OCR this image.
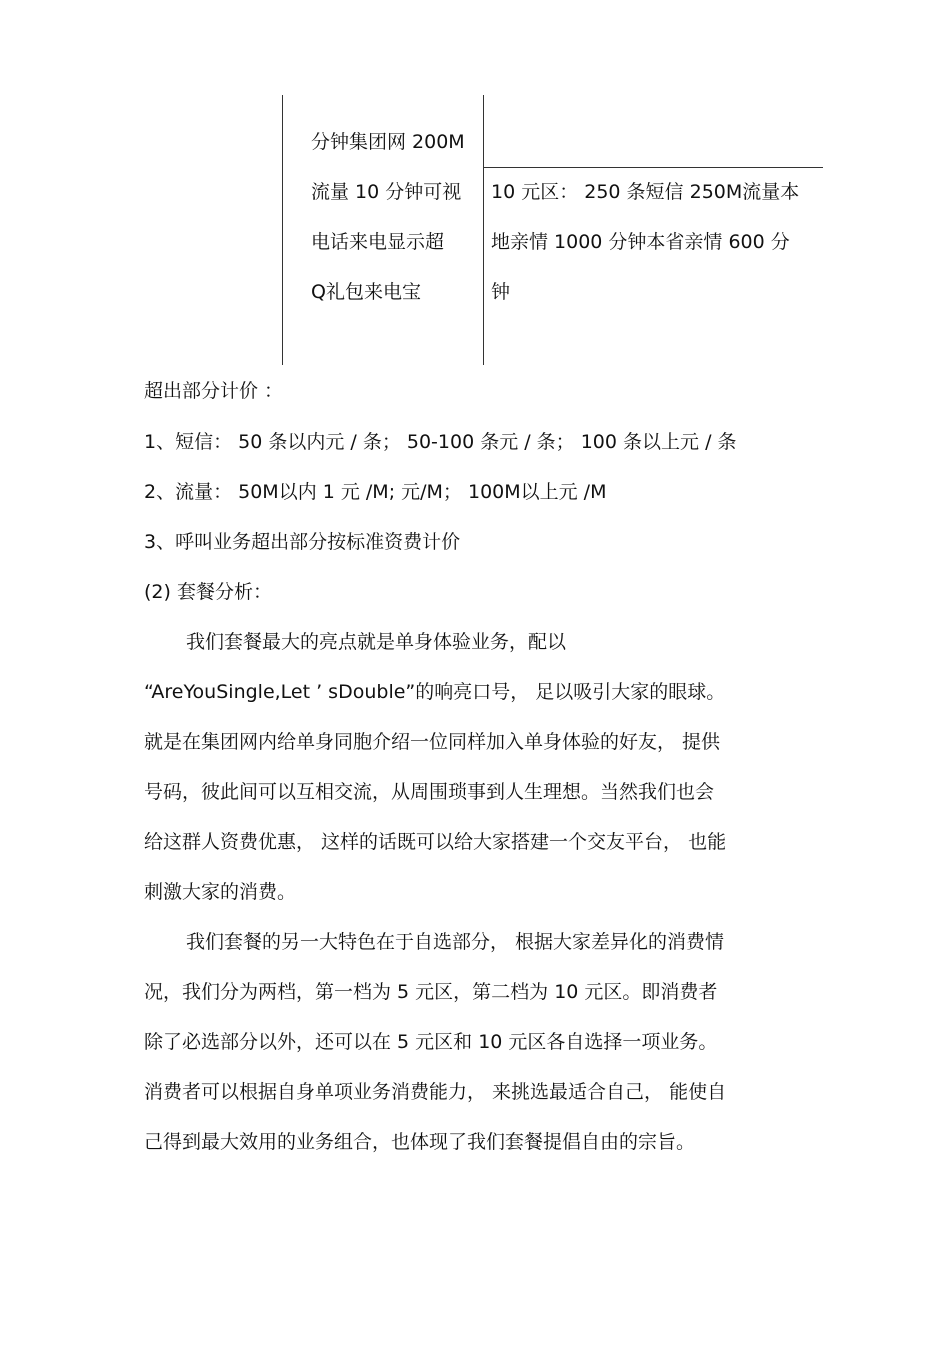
分钟集团网 200M
流量 10 分钟可视
电话来电显示超
Q礼包来电宝
10 元区： 250 条短信 250M流量本
地亲情 1000 分钟本省亲情 600 分
钟
超出部分计价 ：
1、短信： 50 条以内元 / 条； 50-100 条元 / 条； 100 条以上元 / 条
2、流量： 50M以内 1 元 /M; 元/M； 100M以上元 /M
3、呼叫业务超出部分按标准资费计价
(2) 套餐分析：
我们套餐最大的亮点就是单身体验业务，配以
“AreYouSingle,Let ’ sDouble”的响亮口号， 足以吸引大家的眼球。
就是在集团网内给单身同胞介绍一位同样加入单身体验的好友， 提供
号码，彼此间可以互相交流，从周围琐事到人生理想。当然我们也会
给这群人资费优惠， 这样的话既可以给大家搭建一个交友平台， 也能
刺激大家的消费。
我们套餐的另一大特色在于自选部分， 根据大家差异化的消费情
况，我们分为两档，第一档为 5 元区，第二档为 10 元区。即消费者
除了必选部分以外，还可以在 5 元区和 10 元区各自选择一项业务。
消费者可以根据自身单项业务消费能力， 来挑选最适合自己， 能使自
己得到最大效用的业务组合，也体现了我们套餐提倡自由的宗旨。
